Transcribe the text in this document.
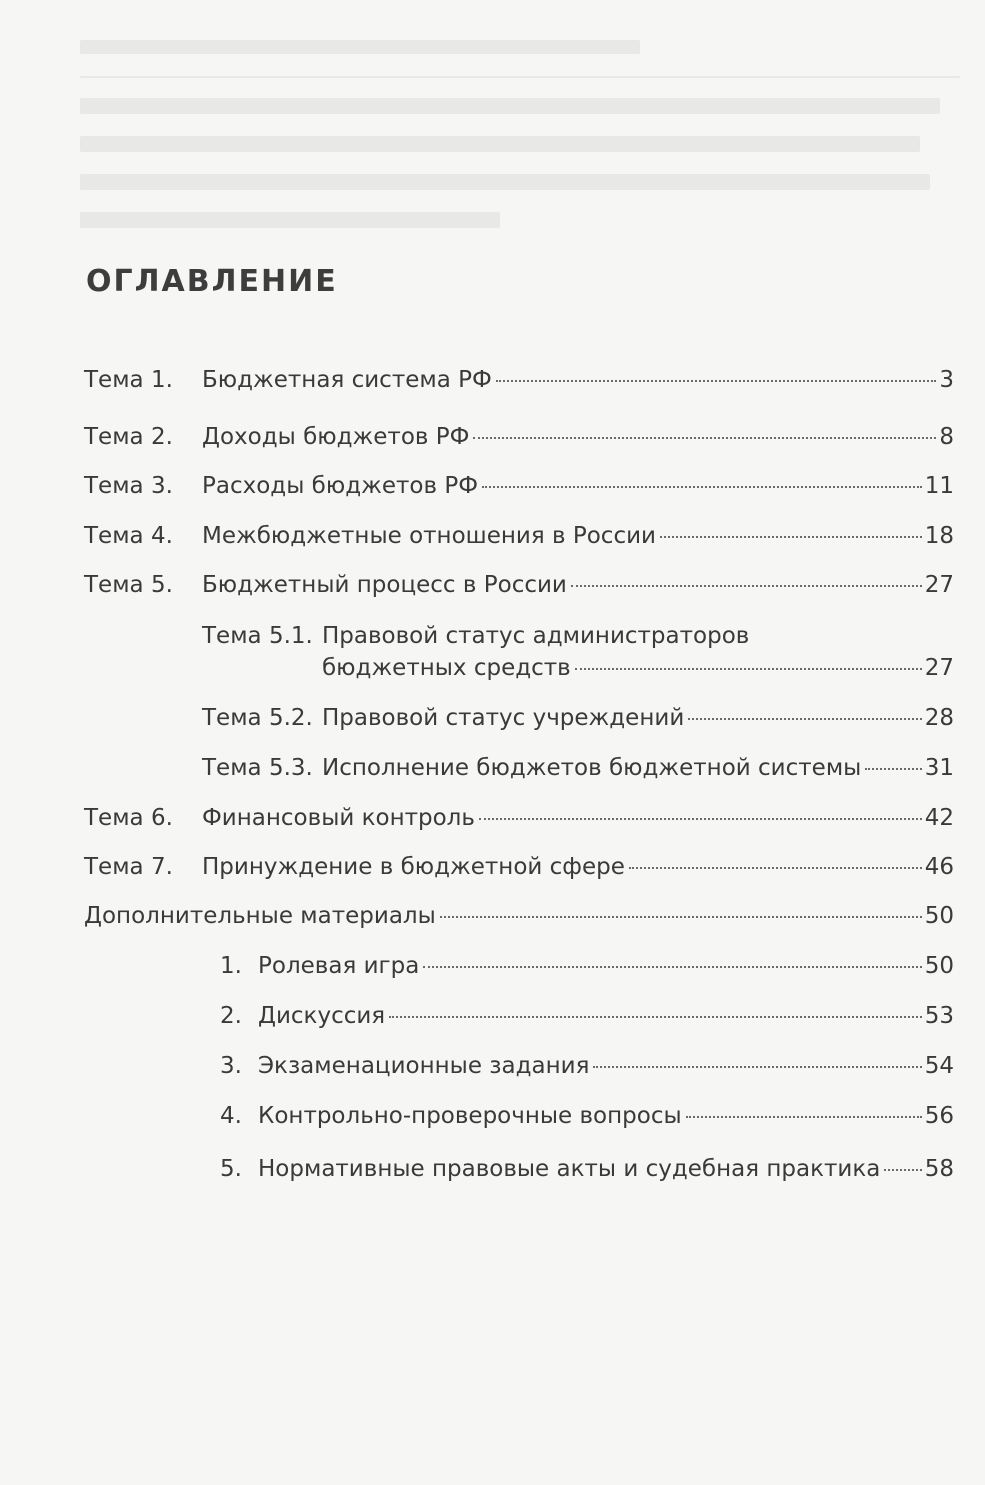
ОГЛАВЛЕНИЕ
Тема 1.	Бюджетная система РФ	3
Тема 2.	Доходы бюджетов РФ	8
Тема 3.	Расходы бюджетов РФ	11
Тема 4.	Межбюджетные отношения в России	18
Тема 5.	Бюджетный процесс в России	27
Тема 5.1. Правовой статус администраторов
бюджетных средств	27
Тема 5.2. Правовой статус учреждений	28
Тема 5.3. Исполнение бюджетов бюджетной системы	31
Тема 6.	Финансовый контроль	42
Тема 7.	Принуждение в бюджетной сфере	46
Дополнительные материалы	50
1. Ролевая игра	50
2. Дискуссия	53
3. Экзаменационные задания	54
4. Контрольно-проверочные вопросы	56
5. Нормативные правовые акты и судебная практика 58
